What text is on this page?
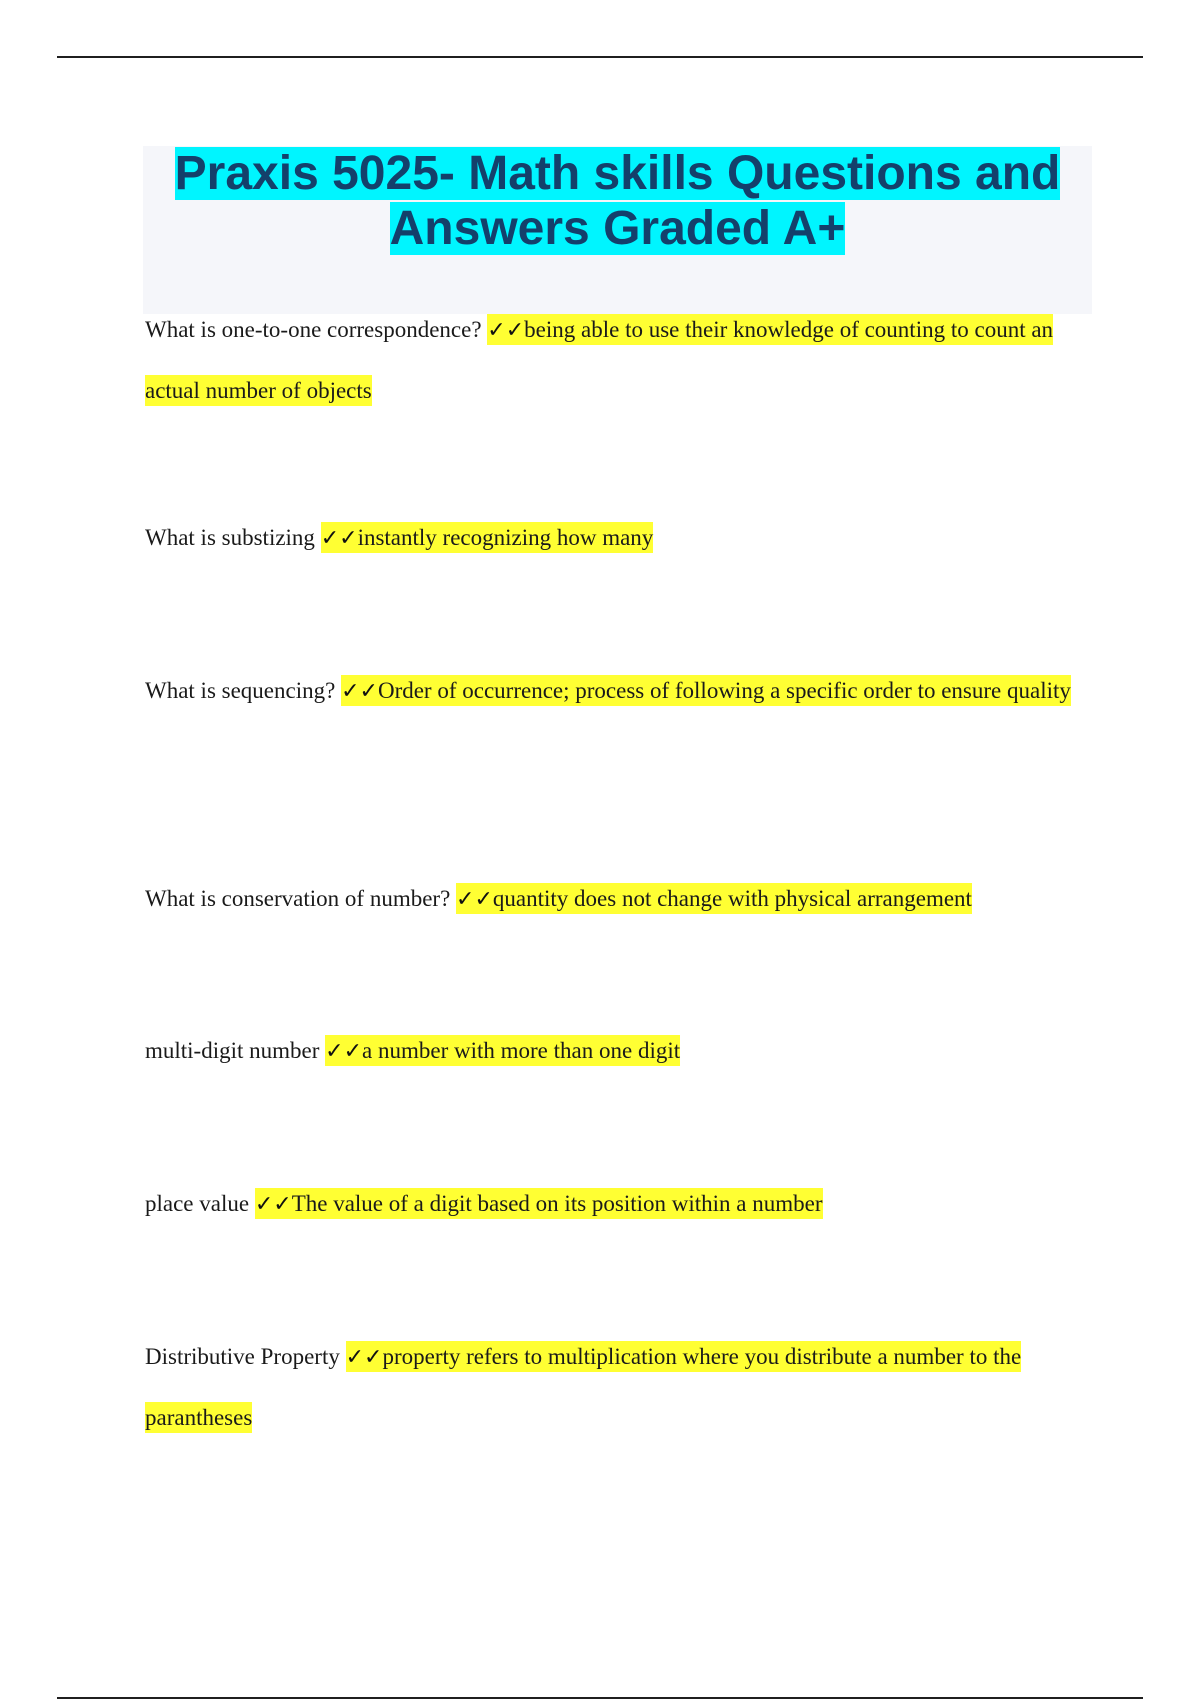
Praxis 5025- Math skills Questions and
Answers Graded A+

What is one-to-one correspondence? ✓✓being able to use their knowledge of counting to count an actual number of objects

What is substizing ✓✓instantly recognizing how many

What is sequencing? ✓✓Order of occurrence; process of following a specific order to ensure quality

What is conservation of number? ✓✓quantity does not change with physical arrangement

multi-digit number ✓✓a number with more than one digit

place value ✓✓The value of a digit based on its position within a number

Distributive Property ✓✓property refers to multiplication where you distribute a number to the parantheses
